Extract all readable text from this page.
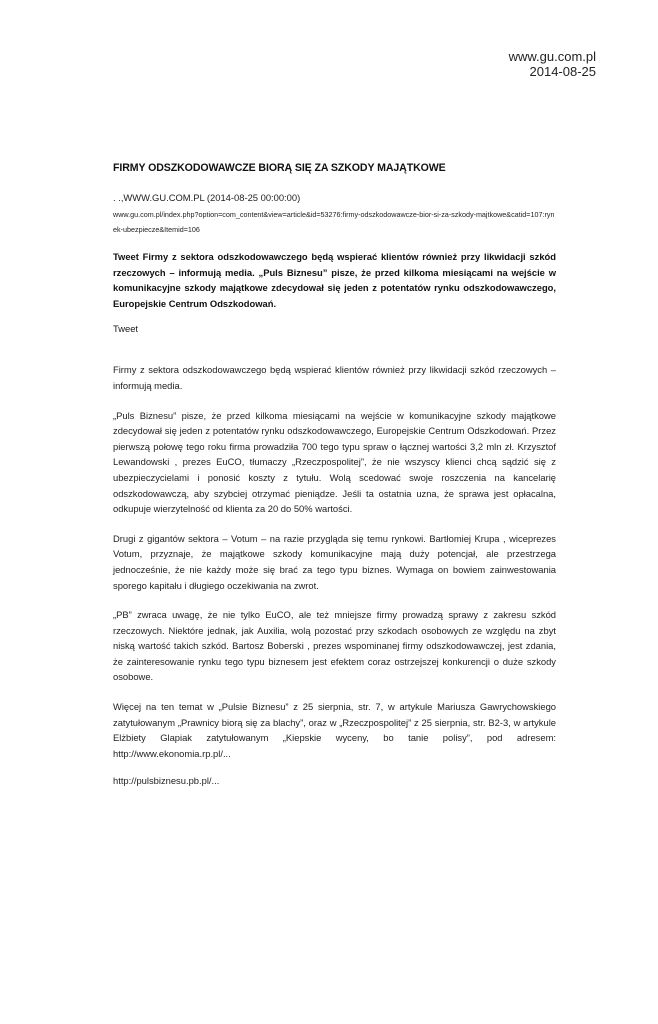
www.gu.com.pl
2014-08-25
FIRMY ODSZKODOWAWCZE BIORĄ SIĘ ZA SZKODY MAJĄTKOWE

. .,WWW.GU.COM.PL (2014-08-25 00:00:00)

www.gu.com.pl/index.php?option=com_content&view=article&id=53276:firmy-odszkodowawcze-bior-si-za-szkody-majtkowe&catid=107:rynek-ubezpiecze&Itemid=106

Tweet Firmy z sektora odszkodowawczego będą wspierać klientów również przy likwidacji szkód rzeczowych – informują media. „Puls Biznesu” pisze, że przed kilkoma miesiącami na wejście w komunikacyjne szkody majątkowe zdecydował się jeden z potentatów rynku odszkodowawczego, Europejskie Centrum Odszkodowań.

Tweet

Firmy z sektora odszkodowawczego będą wspierać klientów również przy likwidacji szkód rzeczowych – informują media.

„Puls Biznesu” pisze, że przed kilkoma miesiącami na wejście w komunikacyjne szkody majątkowe zdecydował się jeden z potentatów rynku odszkodowawczego, Europejskie Centrum Odszkodowań. Przez pierwszą połowę tego roku firma prowadziła 700 tego typu spraw o łącznej wartości 3,2 mln zł. Krzysztof Lewandowski , prezes EuCO, tłumaczy „Rzeczpospolitej”, że nie wszyscy klienci chcą sądzić się z ubezpieczycielami i ponosić koszty z tytułu. Wolą scedować swoje roszczenia na kancelarię odszkodowawczą, aby szybciej otrzymać pieniądze. Jeśli ta ostatnia uzna, że sprawa jest opłacalna, odkupuje wierzytelność od klienta za 20 do 50% wartości.

Drugi z gigantów sektora – Votum – na razie przygląda się temu rynkowi. Bartłomiej Krupa , wiceprezes Votum, przyznaje, że majątkowe szkody komunikacyjne mają duży potencjał, ale przestrzega jednocześnie, że nie każdy może się brać za tego typu biznes. Wymaga on bowiem zainwestowania sporego kapitału i długiego oczekiwania na zwrot.

„PB” zwraca uwagę, że nie tylko EuCO, ale też mniejsze firmy prowadzą sprawy z zakresu szkód rzeczowych. Niektóre jednak, jak Auxilia, wolą pozostać przy szkodach osobowych ze względu na zbyt niską wartość takich szkód. Bartosz Boberski , prezes wspominanej firmy odszkodowawczej, jest zdania, że zainteresowanie rynku tego typu biznesem jest efektem coraz ostrzejszej konkurencji o duże szkody osobowe.

Więcej na ten temat w „Pulsie Biznesu” z 25 sierpnia, str. 7, w artykule Mariusza Gawrychowskiego zatytułowanym „Prawnicy biorą się za blachy”, oraz w „Rzeczpospolitej” z 25 sierpnia, str. B2-3, w artykule Elżbiety Glapiak zatytułowanym „Kiepskie wyceny, bo tanie polisy”, pod adresem: http://www.ekonomia.rp.pl/...

http://pulsbiznesu.pb.pl/...
